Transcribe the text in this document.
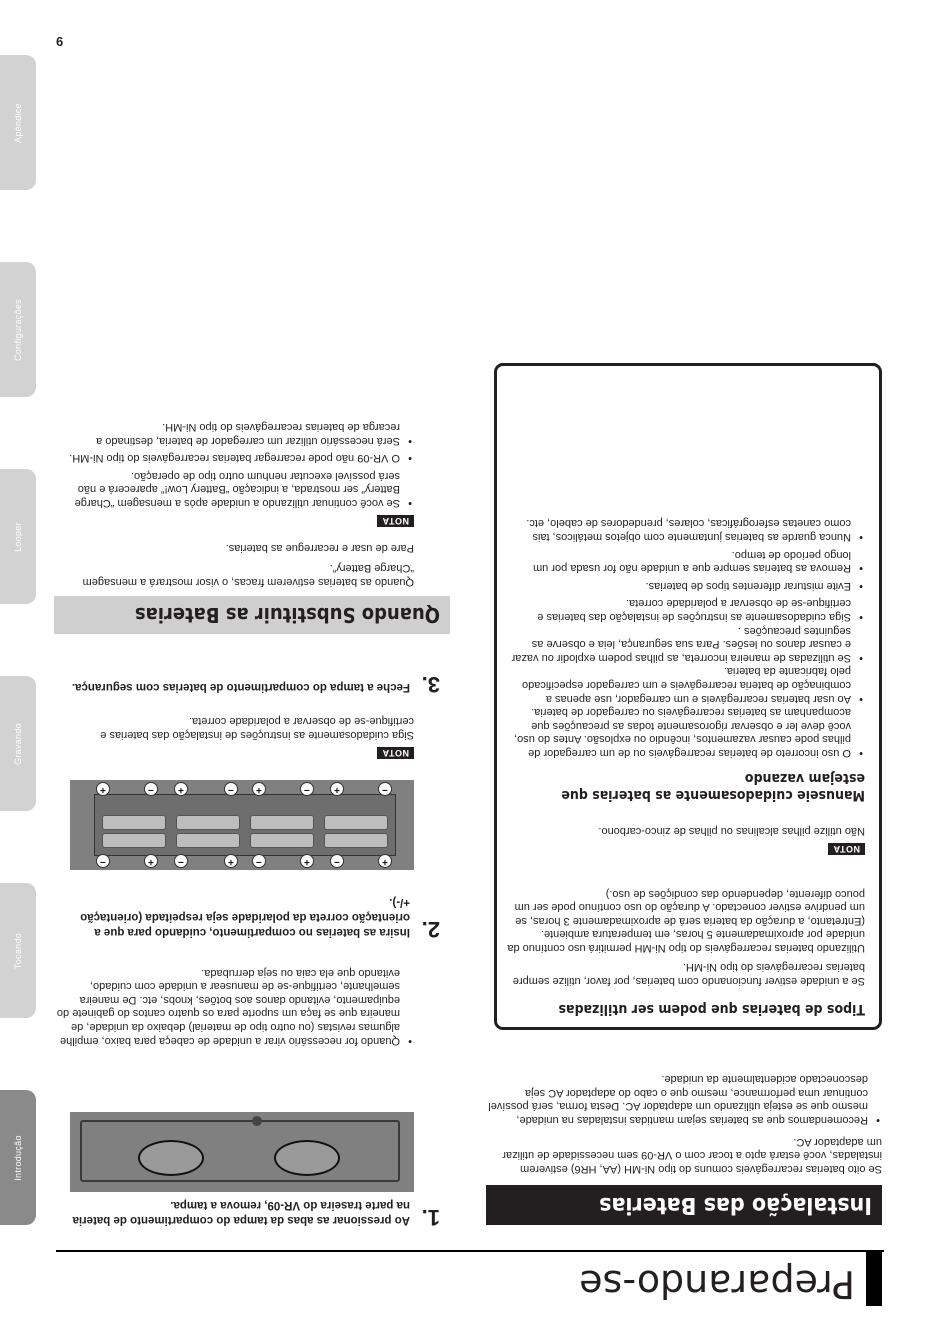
6
Apêndice
Configurações
Looper
Gravando
Tocando
Introdução
Preparando-se
Instalação das Baterias
Se oito baterias recarregáveis comuns do tipo Ni-MH (AA, HR6) estiverem instaladas, você estará apto a tocar com o VR-09 sem necessidade de utilizar um adaptador AC.
• Recomendamos que as baterias sejam mantidas instaladas na unidade, mesmo que se esteja utilizando um adaptador AC. Desta forma, será possível continuar uma performance, mesmo que o cabo do adaptador AC seja desconectado acidentalmente da unidade.
Tipos de baterias que podem ser utilizadas
Se a unidade estiver funcionando com baterias, por favor, utilize sempre baterias recarregáveis do tipo Ni-MH.
Utilizando baterias recarregáveis do tipo Ni-MH permitirá uso contínuo da unidade por aproximadamente 5 horas, em temperatura ambiente. (Entretanto, a duração da bateria será de aproximadamente 3 horas, se um pendrive estiver conectado. A duração do uso contínuo pode ser um pouco diferente, dependendo das condições de uso.)
NOTA
Não utilize pilhas alcalinas ou pilhas de zinco-carbono.
Manuseie cuidadosamente as baterias que estejam vazando
• O uso incorreto de baterias recarregáveis ou de um carregador de pilhas pode causar vazamentos, incêndio ou explosão. Antes do uso, você deve ler e observar rigorosamente todas as precauções que acompanham as baterias recarregáveis ou carregador de bateria.
• Ao usar baterias recarregáveis e um carregador, use apenas a combinação de bateria recarregáveis e um carregador especificado pelo fabricante da bateria.
• Se utilizadas de maneira incorreta, as pilhas podem explodir ou vazar e causar danos ou lesões. Para sua segurança, leia e observe as seguintes precauções .
• Siga cuidadosamente as instruções de instalação das baterias e certifique-se de observar a polaridade correta.
• Evite misturar diferentes tipos de baterias.
• Remova as baterias sempre que a unidade não for usada por um longo período de tempo.
• Nunca guarde as baterias juntamente com objetos metálicos, tais como canetas esferográficas, colares, prendedores de cabelo, etc.
1.
Ao pressionar as abas da tampa do compartimento de bateria na parte traseira do VR-09, remova a tampa.
• Quando for necessário virar a unidade de cabeça para baixo, empilhe algumas revistas (ou outro tipo de material) debaixo da unidade, de maneira que se faça um suporte para os quatro cantos do gabinete do equipamento, evitando danos aos botões, knobs, etc. De maneira semelhante, certifique-se de manusear a unidade com cuidado, evitando que ela caia ou seja derrubada.
2.
Insira as baterias no compartimento, cuidando para que a orientação correta da polaridade seja respeitada (orientação +/-).
+
−
+
−
+
−
+
−
−
+
−
+
−
+
−
+
NOTA
Siga cuidadosamente as instruções de instalação das baterias e certifique-se de observar a polaridade correta.
3.
Feche a tampa do compartimento de baterias com segurança.
Quando Substituir as Baterias
Quando as baterias estiverem fracas, o visor mostrará a mensagem “Charge Battery”.
Pare de usar e recarregue as baterias.
NOTA
• Se você continuar utilizando a unidade após a mensagem “Charge Battery” ser mostrada, a indicação “Battery Low!” aparecerá e não será possível executar nenhum outro tipo de operação.
• O VR-09 não pode recarregar baterias recarregáveis do tipo Ni-MH.
• Será necessário utilizar um carregador de bateria, destinado a recarga de baterias recarregáveis do tipo Ni-MH.
